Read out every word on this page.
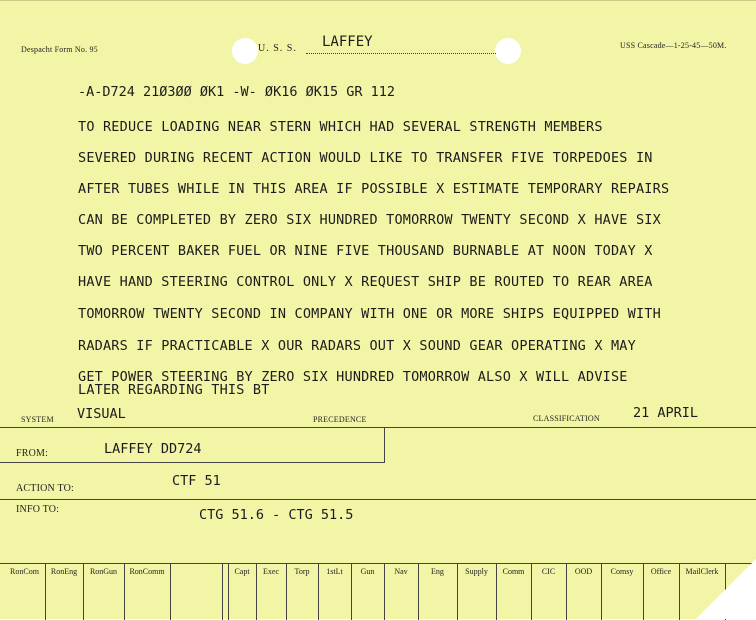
Despacht Form No. 95	U. S. S. LAFFEY	USS Cascade—1-25-45—50M.
-A-D724 21Ø3ØØ ØK1 -W- ØK16 ØK15 GR 112
TO REDUCE LOADING NEAR STERN WHICH HAD SEVERAL STRENGTH MEMBERS
SEVERED DURING RECENT ACTION WOULD LIKE TO TRANSFER FIVE TORPEDOES IN
AFTER TUBES WHILE IN THIS AREA IF POSSIBLE X ESTIMATE TEMPORARY REPAIRS
CAN BE COMPLETED BY ZERO SIX HUNDRED TOMORROW TWENTY SECOND X HAVE SIX
TWO PERCENT BAKER FUEL OR NINE FIVE THOUSAND BURNABLE AT NOON TODAY X
HAVE HAND STEERING CONTROL ONLY X REQUEST SHIP BE ROUTED TO REAR AREA
TOMORROW TWENTY SECOND IN COMPANY WITH ONE OR MORE SHIPS EQUIPPED WITH
RADARS IF PRACTICABLE X OUR RADARS OUT X SOUND GEAR OPERATING X MAY
GET POWER STEERING BY ZERO SIX HUNDRED TOMORROW ALSO X WILL ADVISE
LATER REGARDING THIS BT
SYSTEM VISUAL	PRECEDENCE	CLASSIFICATION 21 APRIL
FROM:	LAFFEY DD724
ACTION TO:	CTF 51
INFO TO:	CTG 51.6 - CTG 51.5
RonCom	RonEng	RonGun	RonComm	Capt	Exec	Torp	1stLt	Gun	Nav	Eng	Supply	Comm	CIC	OOD	Comsy	Office	MailClerk
